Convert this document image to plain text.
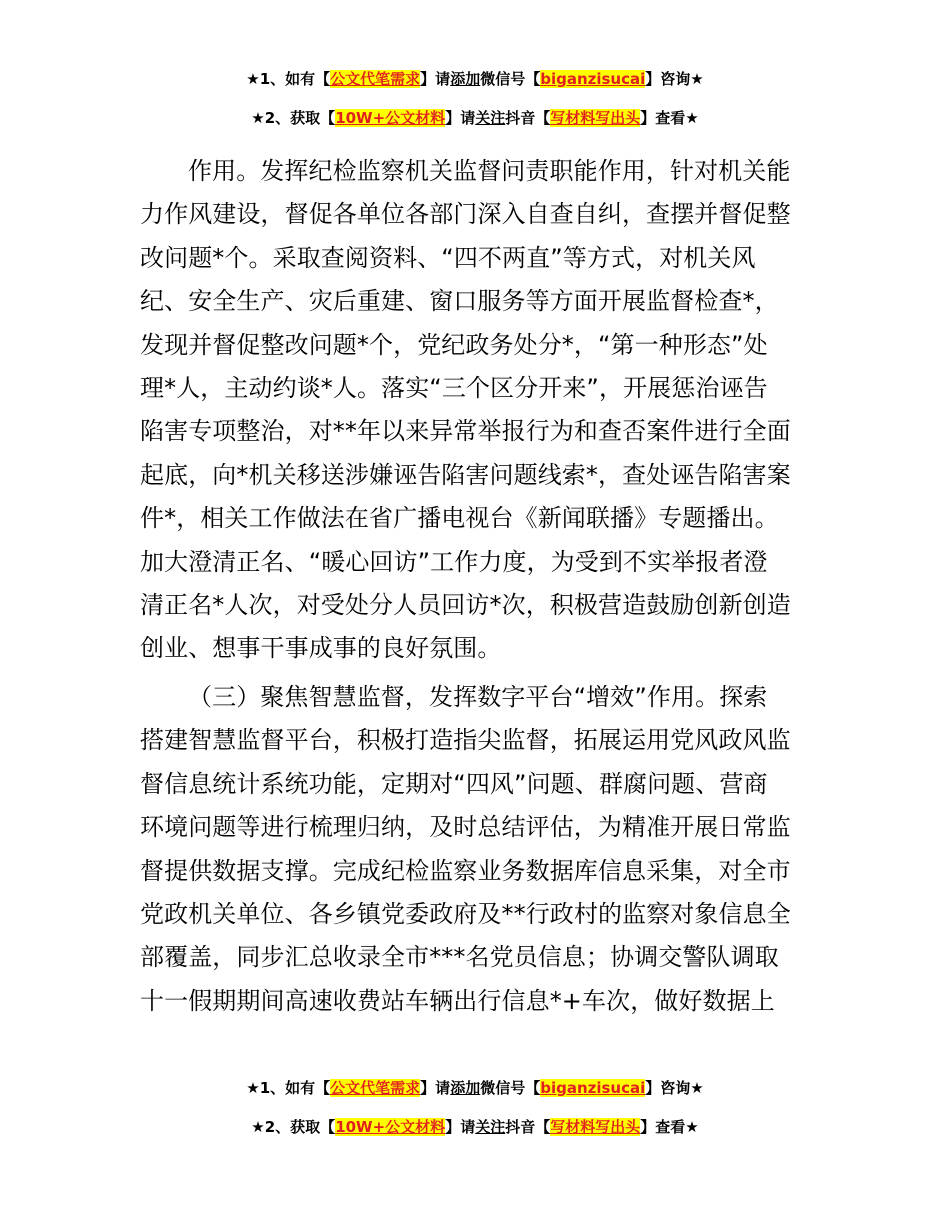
★1、如有【公文代笔需求】请添加微信号【biganzisucai】咨询★
★2、获取【10W+公文材料】请关注抖音【写材料写出头】查看★

作用。发挥纪检监察机关监督问责职能作用，针对机关能
力作风建设，督促各单位各部门深入自查自纠，查摆并督促整
改问题*个。采取查阅资料、“四不两直”等方式，对机关风
纪、安全生产、灾后重建、窗口服务等方面开展监督检查*，
发现并督促整改问题*个，党纪政务处分*，“第一种形态”处
理*人，主动约谈*人。落实“三个区分开来”，开展惩治诬告
陷害专项整治，对**年以来异常举报行为和查否案件进行全面
起底，向*机关移送涉嫌诬告陷害问题线索*，查处诬告陷害案
件*，相关工作做法在省广播电视台《新闻联播》专题播出。
加大澄清正名、“暖心回访”工作力度，为受到不实举报者澄
清正名*人次，对受处分人员回访*次，积极营造鼓励创新创造
创业、想事干事成事的良好氛围。

（三）聚焦智慧监督，发挥数字平台“增效”作用。探索
搭建智慧监督平台，积极打造指尖监督，拓展运用党风政风监
督信息统计系统功能，定期对“四风”问题、群腐问题、营商
环境问题等进行梳理归纳，及时总结评估，为精准开展日常监
督提供数据支撑。完成纪检监察业务数据库信息采集，对全市
党政机关单位、各乡镇党委政府及**行政村的监察对象信息全
部覆盖，同步汇总收录全市***名党员信息；协调交警队调取
十一假期期间高速收费站车辆出行信息*+车次，做好数据上

★1、如有【公文代笔需求】请添加微信号【biganzisucai】咨询★
★2、获取【10W+公文材料】请关注抖音【写材料写出头】查看★
